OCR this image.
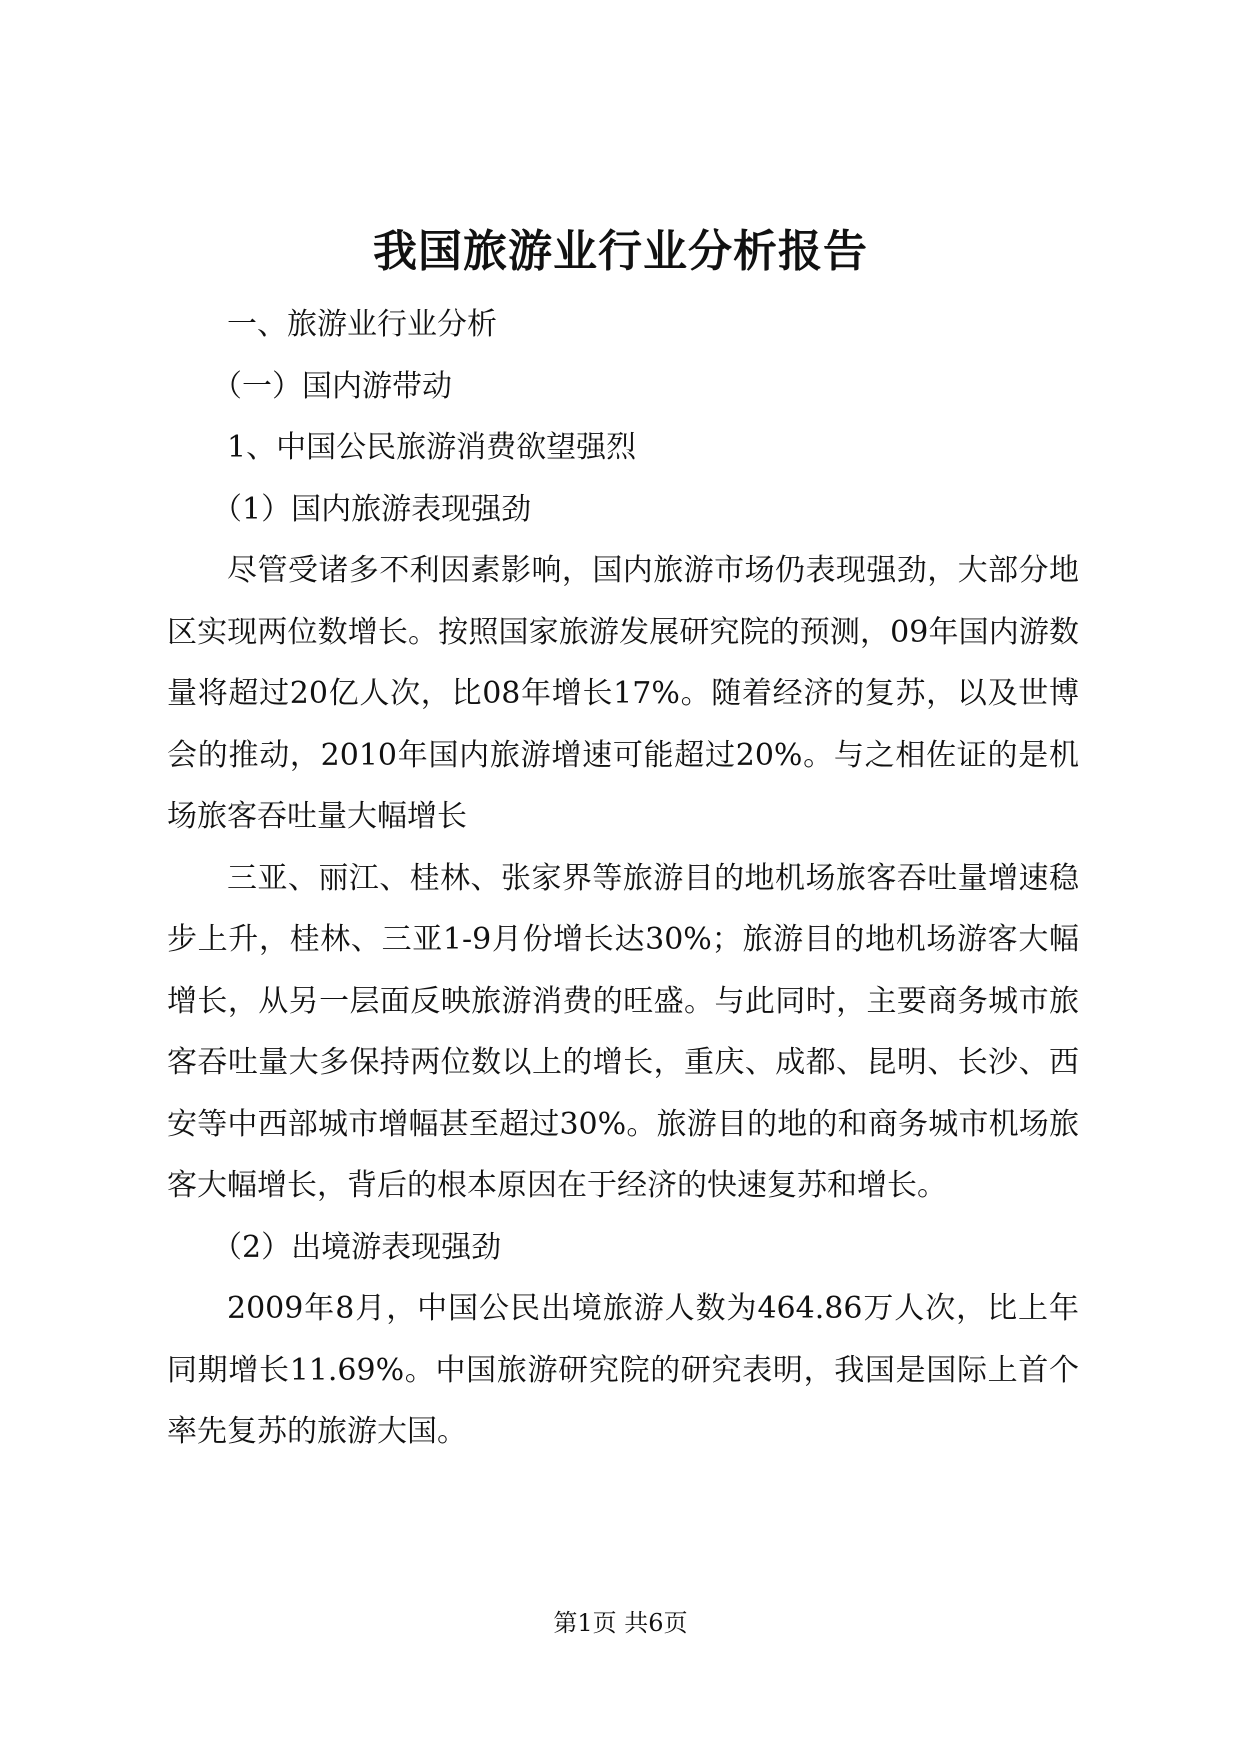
我国旅游业行业分析报告

一、旅游业行业分析

（一）国内游带动

1、中国公民旅游消费欲望强烈

（1）国内旅游表现强劲

尽管受诸多不利因素影响，国内旅游市场仍表现强劲，大部分地区实现两位数增长。按照国家旅游发展研究院的预测，09年国内游数量将超过20亿人次，比08年增长17%。随着经济的复苏，以及世博会的推动，2010年国内旅游增速可能超过20%。与之相佐证的是机场旅客吞吐量大幅增长

三亚、丽江、桂林、张家界等旅游目的地机场旅客吞吐量增速稳步上升，桂林、三亚1-9月份增长达30%；旅游目的地机场游客大幅增长，从另一层面反映旅游消费的旺盛。与此同时，主要商务城市旅客吞吐量大多保持两位数以上的增长，重庆、成都、昆明、长沙、西安等中西部城市增幅甚至超过30%。旅游目的地的和商务城市机场旅客大幅增长，背后的根本原因在于经济的快速复苏和增长。

（2）出境游表现强劲

2009年8月，中国公民出境旅游人数为464.86万人次，比上年同期增长11.69%。中国旅游研究院的研究表明，我国是国际上首个率先复苏的旅游大国。

第1页 共6页
